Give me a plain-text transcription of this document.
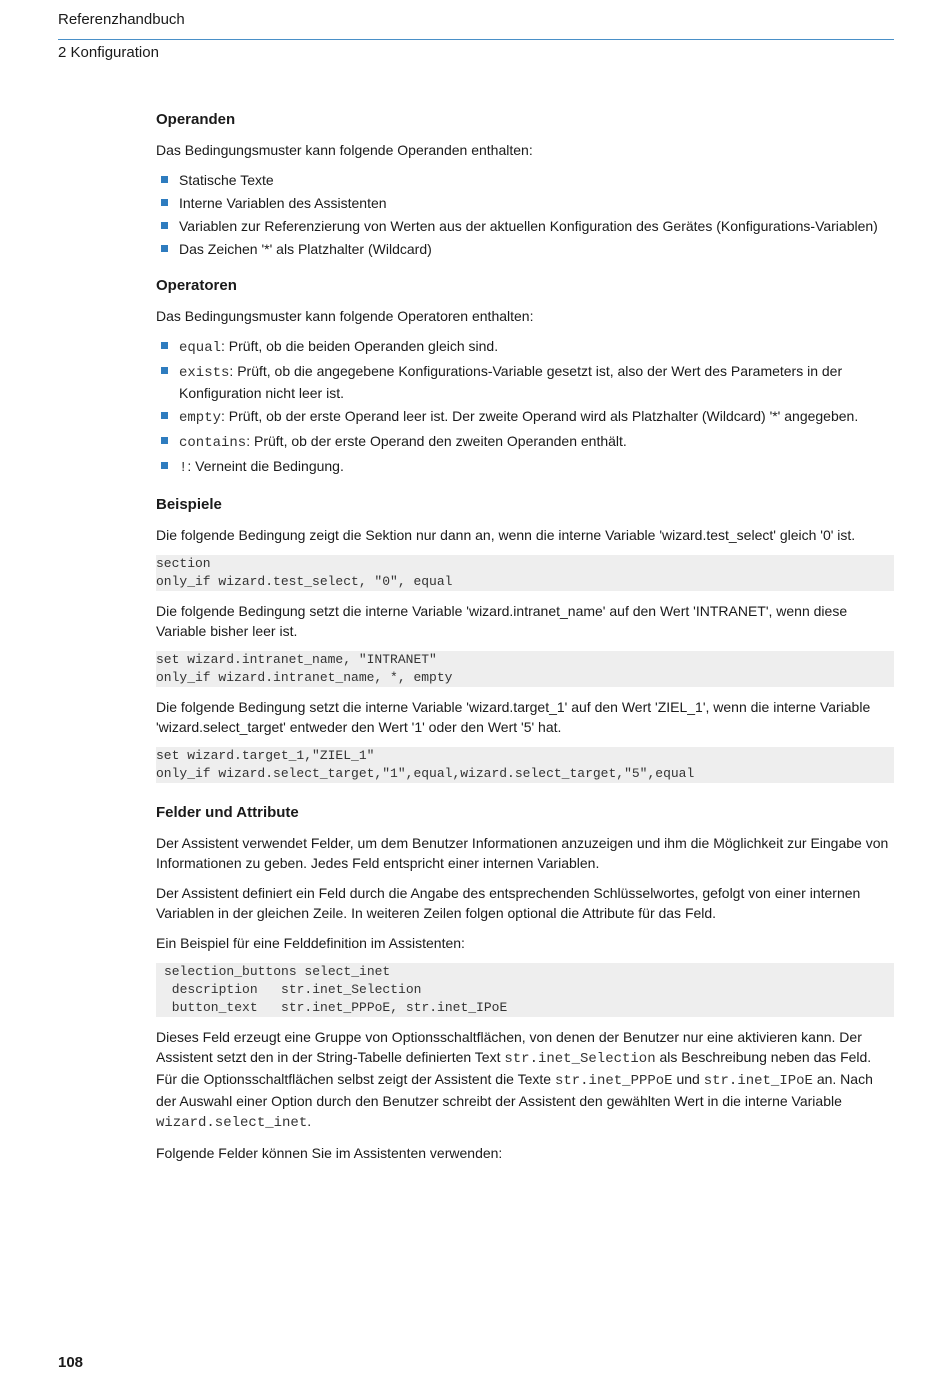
Referenzhandbuch
2 Konfiguration
Operanden

Das Bedingungsmuster kann folgende Operanden enthalten:

Statische Texte
Interne Variablen des Assistenten
Variablen zur Referenzierung von Werten aus der aktuellen Konfiguration des Gerätes (Konfigurations-Variablen)
Das Zeichen '*' als Platzhalter (Wildcard)
Operatoren

Das Bedingungsmuster kann folgende Operatoren enthalten:

equal: Prüft, ob die beiden Operanden gleich sind.
exists: Prüft, ob die angegebene Konfigurations-Variable gesetzt ist, also der Wert des Parameters in der Konfiguration nicht leer ist.
empty: Prüft, ob der erste Operand leer ist. Der zweite Operand wird als Platzhalter (Wildcard) '*' angegeben.
contains: Prüft, ob der erste Operand den zweiten Operanden enthält.
!: Verneint die Bedingung.
Beispiele

Die folgende Bedingung zeigt die Sektion nur dann an, wenn die interne Variable 'wizard.test_select' gleich '0' ist.

section
only_if wizard.test_select, "0", equal

Die folgende Bedingung setzt die interne Variable 'wizard.intranet_name' auf den Wert 'INTRANET', wenn diese Variable bisher leer ist.

set wizard.intranet_name, "INTRANET"
only_if wizard.intranet_name, *, empty

Die folgende Bedingung setzt die interne Variable 'wizard.target_1' auf den Wert 'ZIEL_1', wenn die interne Variable 'wizard.select_target' entweder den Wert '1' oder den Wert '5' hat.

set wizard.target_1,"ZIEL_1"
only_if wizard.select_target,"1",equal,wizard.select_target,"5",equal
Felder und Attribute

Der Assistent verwendet Felder, um dem Benutzer Informationen anzuzeigen und ihm die Möglichkeit zur Eingabe von Informationen zu geben. Jedes Feld entspricht einer internen Variablen.

Der Assistent definiert ein Feld durch die Angabe des entsprechenden Schlüsselwortes, gefolgt von einer internen Variablen in der gleichen Zeile. In weiteren Zeilen folgen optional die Attribute für das Feld.

Ein Beispiel für eine Felddefinition im Assistenten:

selection_buttons select_inet
description   str.inet_Selection
button_text   str.inet_PPPoE, str.inet_IPoE

Dieses Feld erzeugt eine Gruppe von Optionsschaltflächen, von denen der Benutzer nur eine aktivieren kann. Der Assistent setzt den in der String-Tabelle definierten Text str.inet_Selection als Beschreibung neben das Feld. Für die Optionsschaltflächen selbst zeigt der Assistent die Texte str.inet_PPPoE und str.inet_IPoE an. Nach der Auswahl einer Option durch den Benutzer schreibt der Assistent den gewählten Wert in die interne Variable wizard.select_inet.

Folgende Felder können Sie im Assistenten verwenden:

108
